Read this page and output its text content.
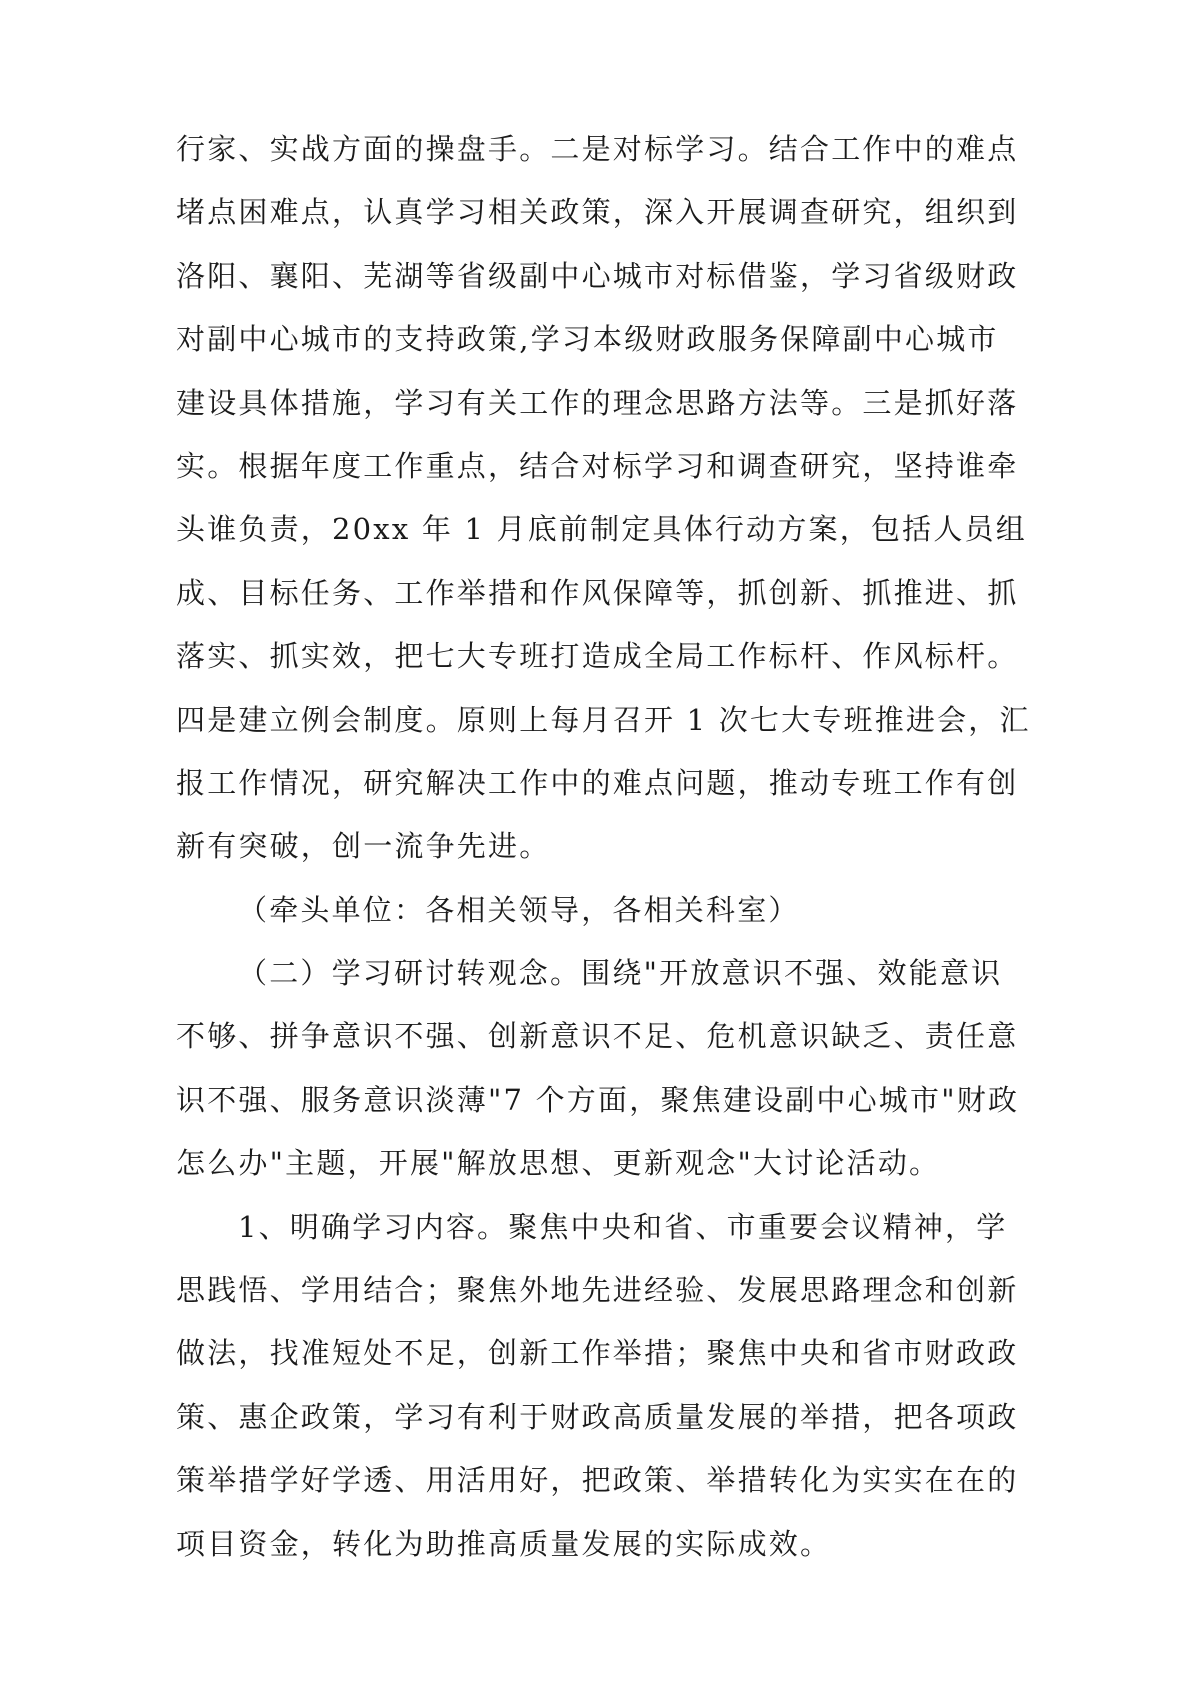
行家、实战方面的操盘手。二是对标学习。结合工作中的难点
堵点困难点，认真学习相关政策，深入开展调查研究，组织到
洛阳、襄阳、芜湖等省级副中心城市对标借鉴，学习省级财政
对副中心城市的支持政策,学习本级财政服务保障副中心城市
建设具体措施，学习有关工作的理念思路方法等。三是抓好落
实。根据年度工作重点，结合对标学习和调查研究，坚持谁牵
头谁负责，20xx 年 1 月底前制定具体行动方案，包括人员组
成、目标任务、工作举措和作风保障等，抓创新、抓推进、抓
落实、抓实效，把七大专班打造成全局工作标杆、作风标杆。
四是建立例会制度。原则上每月召开 1 次七大专班推进会，汇
报工作情况，研究解决工作中的难点问题，推动专班工作有创
新有突破，创一流争先进。
（牵头单位：各相关领导，各相关科室）
（二）学习研讨转观念。围绕"开放意识不强、效能意识
不够、拼争意识不强、创新意识不足、危机意识缺乏、责任意
识不强、服务意识淡薄"7 个方面，聚焦建设副中心城市"财政
怎么办"主题，开展"解放思想、更新观念"大讨论活动。
1、明确学习内容。聚焦中央和省、市重要会议精神，学
思践悟、学用结合；聚焦外地先进经验、发展思路理念和创新
做法，找准短处不足，创新工作举措；聚焦中央和省市财政政
策、惠企政策，学习有利于财政高质量发展的举措，把各项政
策举措学好学透、用活用好，把政策、举措转化为实实在在的
项目资金，转化为助推高质量发展的实际成效。
